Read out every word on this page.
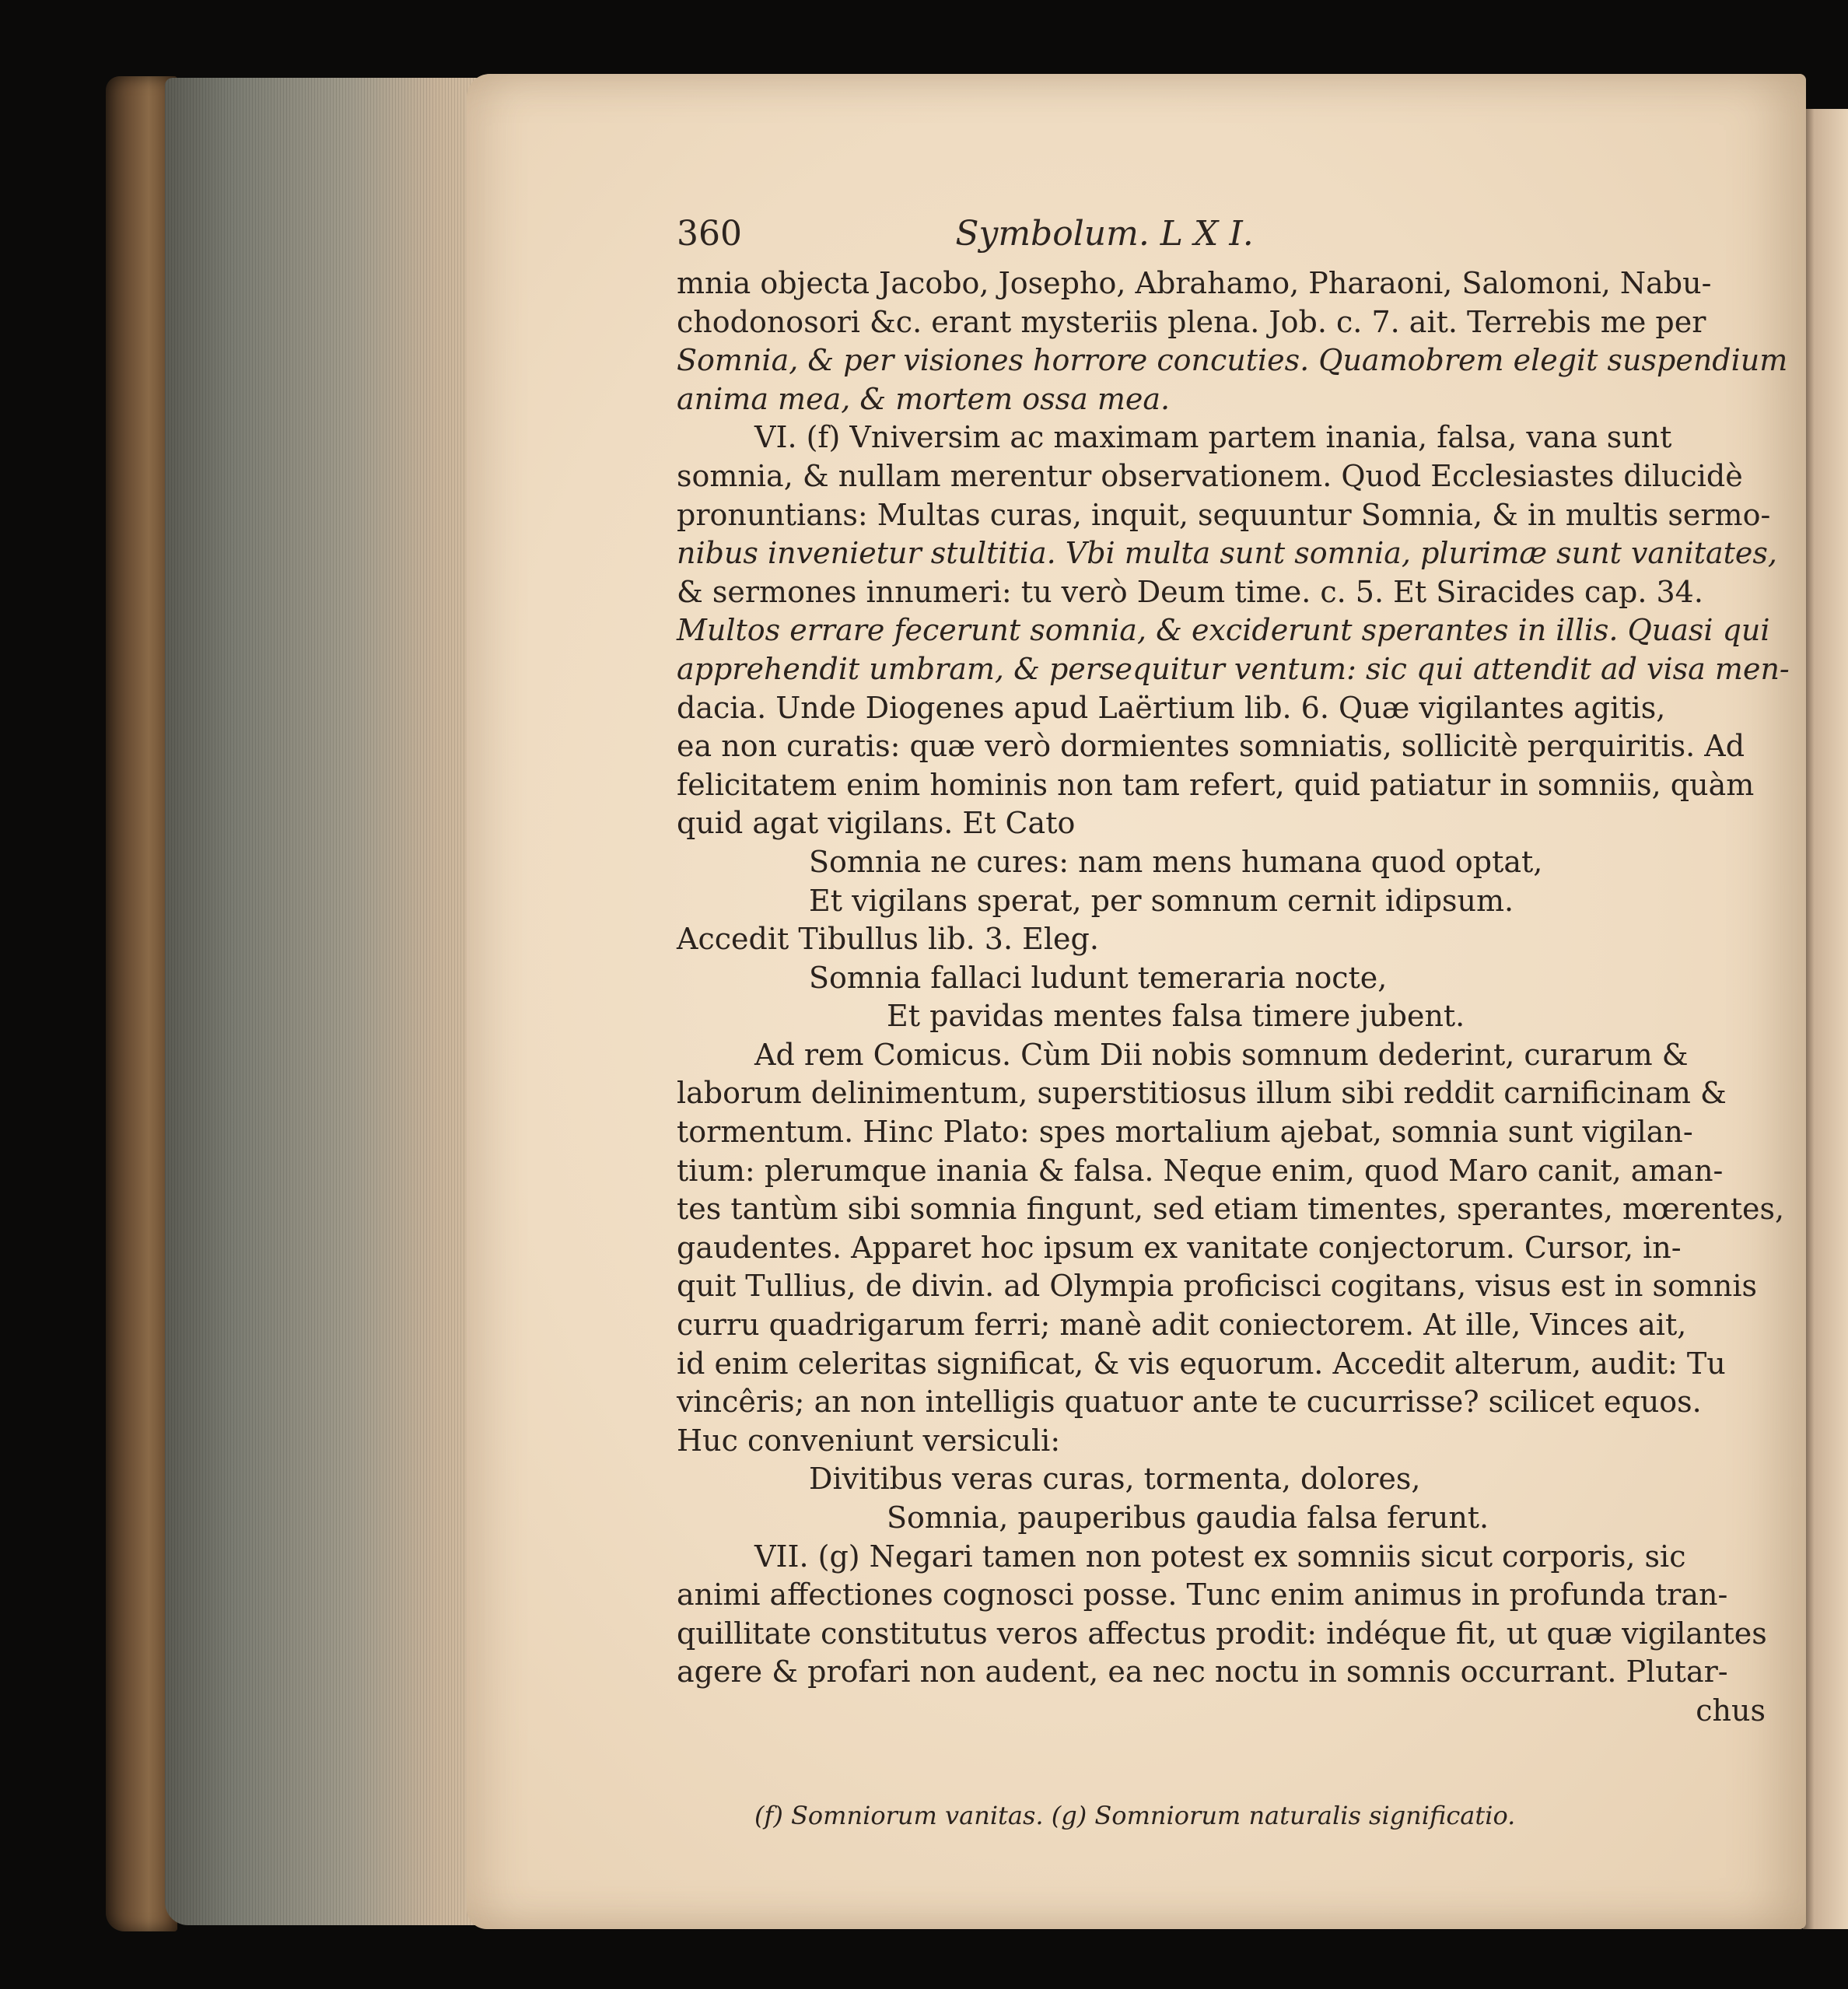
360	Symbolum. L X I.
mnia objecta Jacobo, Josepho, Abrahamo, Pharaoni, Salomoni, Nabu-
chodonosori &c. erant mysteriis plena. Job. c. 7. ait. Terrebis me per
Somnia, & per visiones horrore concuties. Quamobrem elegit suspendium
anima mea, & mortem ossa mea.
VI. (f) Vniversim ac maximam partem inania, falsa, vana sunt
somnia, & nullam merentur observationem. Quod Ecclesiastes dilucidè
pronuntians: Multas curas, inquit, sequuntur Somnia, & in multis sermo-
nibus invenietur stultitia. Vbi multa sunt somnia, plurimæ sunt vanitates,
& sermones innumeri: tu verò Deum time. c. 5. Et Siracides cap. 34.
Multos errare fecerunt somnia, & exciderunt sperantes in illis. Quasi qui
apprehendit umbram, & persequitur ventum: sic qui attendit ad visa men-
dacia. Unde Diogenes apud Laërtium lib. 6. Quæ vigilantes agitis,
ea non curatis: quæ verò dormientes somniatis, sollicitè perquiritis. Ad
felicitatem enim hominis non tam refert, quid patiatur in somniis, quàm
quid agat vigilans. Et Cato
Somnia ne cures: nam mens humana quod optat,
Et vigilans sperat, per somnum cernit idipsum.
Accedit Tibullus lib. 3. Eleg.
Somnia fallaci ludunt temeraria nocte,
Et pavidas mentes falsa timere jubent.
Ad rem Comicus. Cùm Dii nobis somnum dederint, curarum &
laborum delinimentum, superstitiosus illum sibi reddit carnificinam &
tormentum. Hinc Plato: spes mortalium ajebat, somnia sunt vigilan-
tium: plerumque inania & falsa. Neque enim, quod Maro canit, aman-
tes tantùm sibi somnia fingunt, sed etiam timentes, sperantes, mœrentes,
gaudentes. Apparet hoc ipsum ex vanitate conjectorum. Cursor, in-
quit Tullius, de divin. ad Olympia proficisci cogitans, visus est in somnis
curru quadrigarum ferri; manè adit coniectorem. At ille, Vinces ait,
id enim celeritas significat, & vis equorum. Accedit alterum, audit: Tu
vincêris; an non intelligis quatuor ante te cucurrisse? scilicet equos.
Huc conveniunt versiculi:
Divitibus veras curas, tormenta, dolores,
Somnia, pauperibus gaudia falsa ferunt.
VII. (g) Negari tamen non potest ex somniis sicut corporis, sic
animi affectiones cognosci posse. Tunc enim animus in profunda tran-
quillitate constitutus veros affectus prodit: indéque fit, ut quæ vigilantes
agere & profari non audent, ea nec noctu in somnis occurrant. Plutar-
chus
(f) Somniorum vanitas. (g) Somniorum naturalis significatio.
